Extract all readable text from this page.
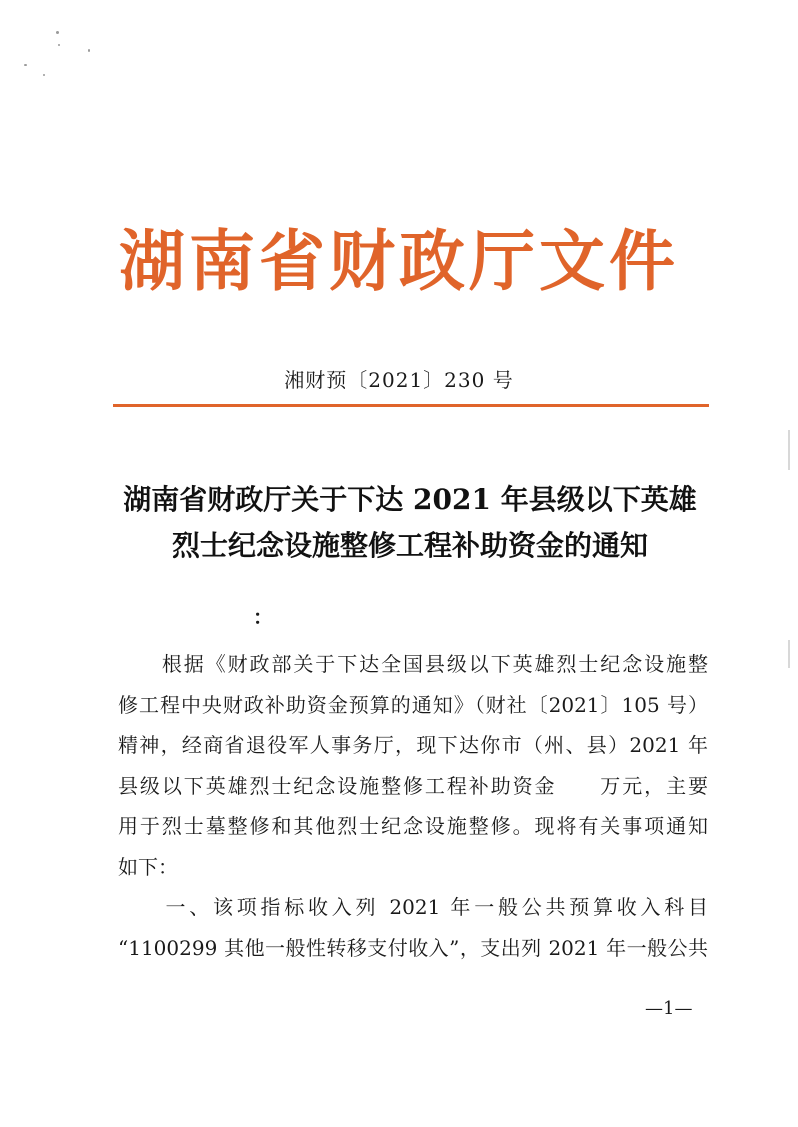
湖南省财政厅文件
湘财预〔2021〕230 号
湖南省财政厅关于下达 2021 年县级以下英雄
烈士纪念设施整修工程补助资金的通知
：
　　根据《财政部关于下达全国县级以下英雄烈士纪念设施整
修工程中央财政补助资金预算的通知》（财社〔2021〕105 号）
精神，经商省退役军人事务厅，现下达你市（州、县）2021 年
县级以下英雄烈士纪念设施整修工程补助资金　　万元，主要
用于烈士墓整修和其他烈士纪念设施整修。现将有关事项通知
如下：
　　一、该项指标收入列 2021 年一般公共预算收入科目
“1100299 其他一般性转移支付收入”，支出列 2021 年一般公共
—1—
